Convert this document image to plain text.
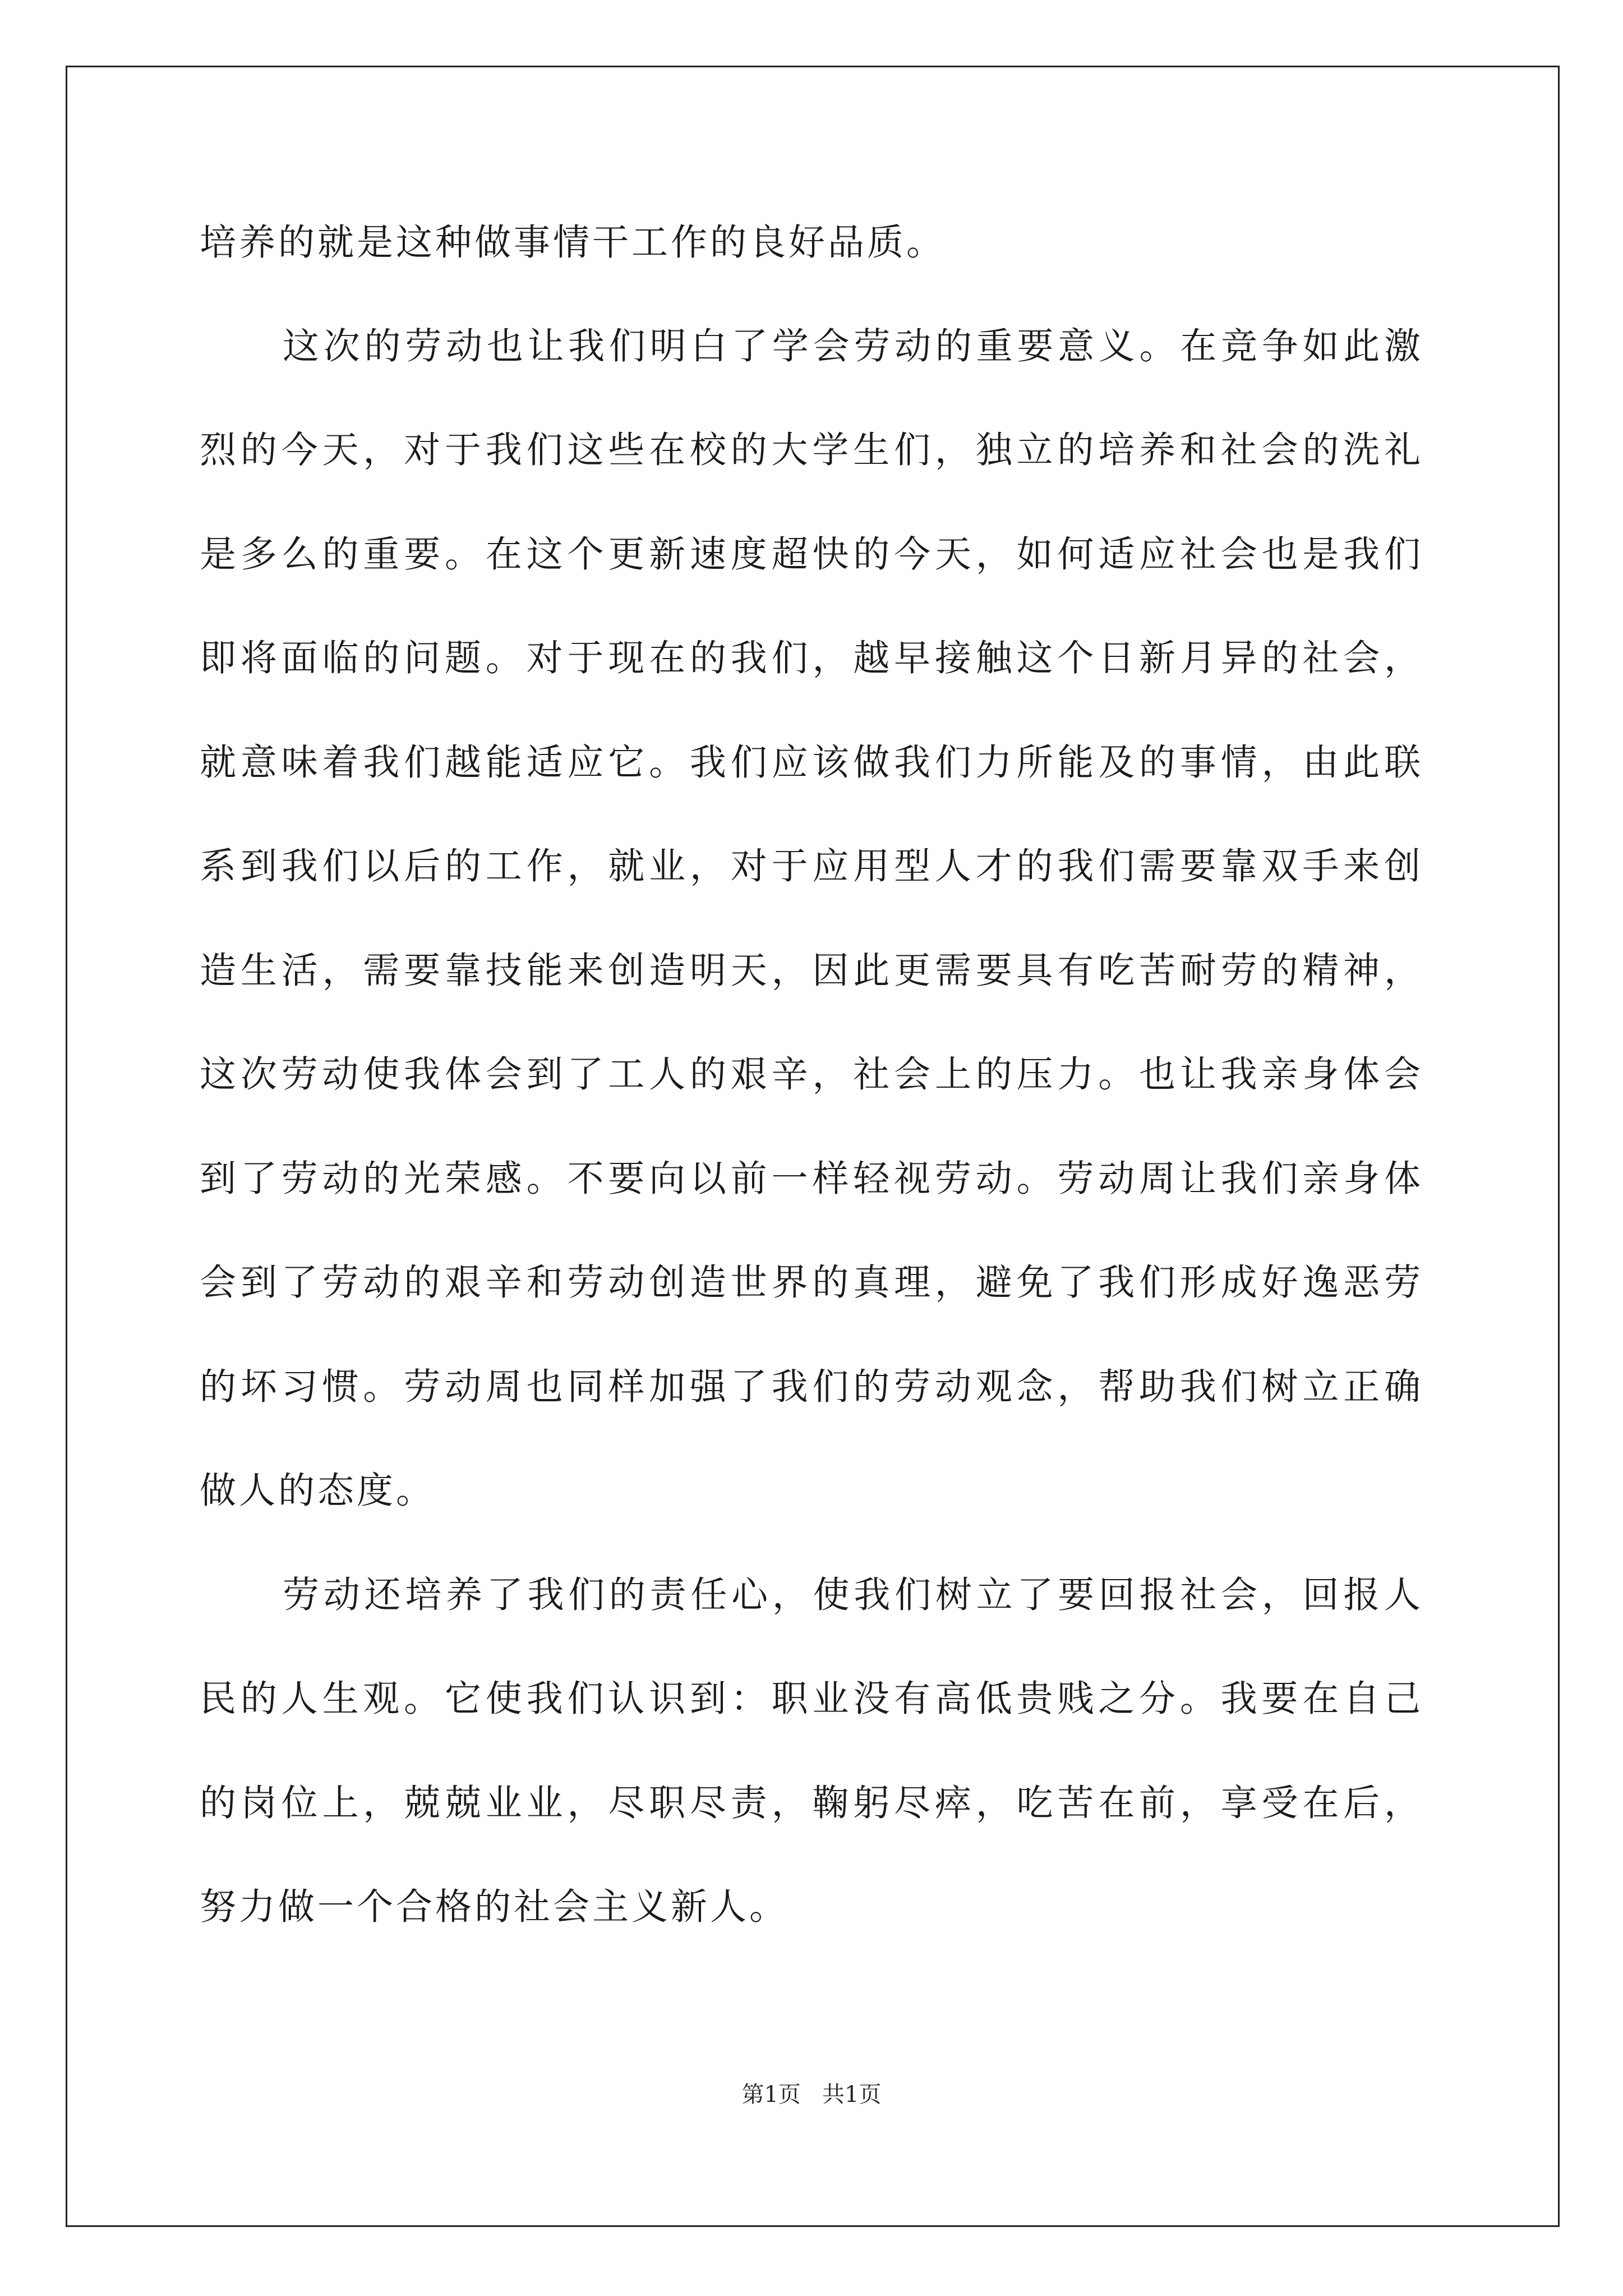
培养的就是这种做事情干工作的良好品质。
这次的劳动也让我们明白了学会劳动的重要意义。在竞争如此激
烈的今天，对于我们这些在校的大学生们，独立的培养和社会的洗礼
是多么的重要。在这个更新速度超快的今天，如何适应社会也是我们
即将面临的问题。对于现在的我们，越早接触这个日新月异的社会，
就意味着我们越能适应它。我们应该做我们力所能及的事情，由此联
系到我们以后的工作，就业，对于应用型人才的我们需要靠双手来创
造生活，需要靠技能来创造明天，因此更需要具有吃苦耐劳的精神，
这次劳动使我体会到了工人的艰辛，社会上的压力。也让我亲身体会
到了劳动的光荣感。不要向以前一样轻视劳动。劳动周让我们亲身体
会到了劳动的艰辛和劳动创造世界的真理，避免了我们形成好逸恶劳
的坏习惯。劳动周也同样加强了我们的劳动观念，帮助我们树立正确
做人的态度。
劳动还培养了我们的责任心，使我们树立了要回报社会，回报人
民的人生观。它使我们认识到：职业没有高低贵贱之分。我要在自己
的岗位上，兢兢业业，尽职尽责，鞠躬尽瘁，吃苦在前，享受在后，
努力做一个合格的社会主义新人。
第1页   共1页
